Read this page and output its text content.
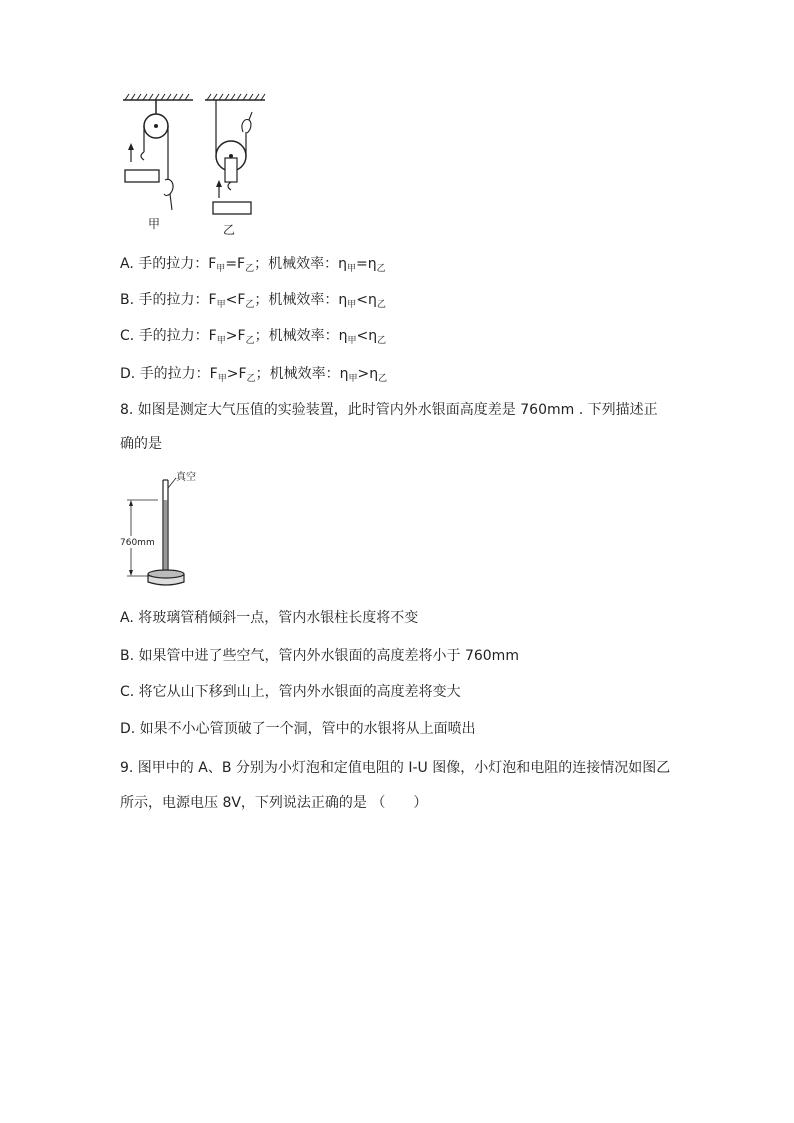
甲	乙
A. 手的拉力：$F_甲=F_乙$；机械效率：$\eta_甲=\eta_乙$
B. 手的拉力：$F_甲<F_乙$；机械效率：$\eta_甲<\eta_乙$
C. 手的拉力：$F_甲>F_乙$；机械效率：$\eta_甲<\eta_乙$
D. 手的拉力：$F_甲>F_乙$；机械效率：$\eta_甲>\eta_乙$
8. 如图是测定大气压值的实验装置，此时管内外水银面高度差是 760mm . 下列描述正
确的是
真空
760mm
A. 将玻璃管稍倾斜一点，管内水银柱长度将不变
B. 如果管中进了些空气，管内外水银面的高度差将小于 760mm
C. 将它从山下移到山上，管内外水银面的高度差将变大
D. 如果不小心管顶破了一个洞，管中的水银将从上面喷出
9. 图甲中的 A、B 分别为小灯泡和定值电阻的 I-U 图像，小灯泡和电阻的连接情况如图乙
所示，电源电压 8V，下列说法正确的是 （　　）
